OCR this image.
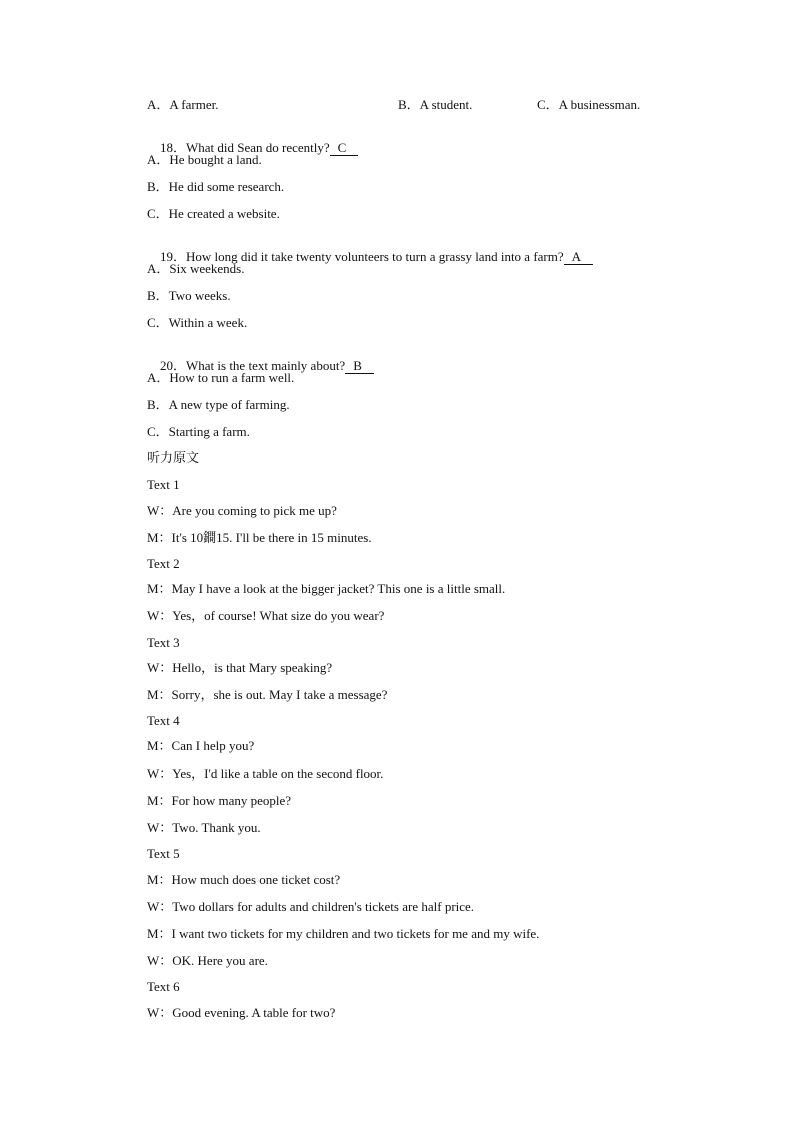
A．A farmer.	B．A student.	C．A businessman.

18．What did Sean do recently? C

A．He bought a land.
B．He did some research.
C．He created a website.

19．How long did it take twenty volunteers to turn a grassy land into a farm? A

A．Six weekends.
B．Two weeks.
C．Within a week.

20．What is the text mainly about? B

A．How to run a farm well.
B．A new type of farming.
C．Starting a farm.
听力原文
Text 1
W：Are you coming to pick me up?
M：It's 10鐧15. I'll be there in 15 minutes.
Text 2
M：May I have a look at the bigger jacket? This one is a little small.
W：Yes，of course! What size do you wear?
Text 3
W：Hello，is that Mary speaking?
M：Sorry，she is out. May I take a message?
Text 4
M：Can I help you?
W：Yes，I'd like a table on the second floor.
M：For how many people?
W：Two. Thank you.
Text 5
M：How much does one ticket cost?
W：Two dollars for adults and children's tickets are half price.
M：I want two tickets for my children and two tickets for me and my wife.
W：OK. Here you are.
Text 6
W：Good evening. A table for two?
